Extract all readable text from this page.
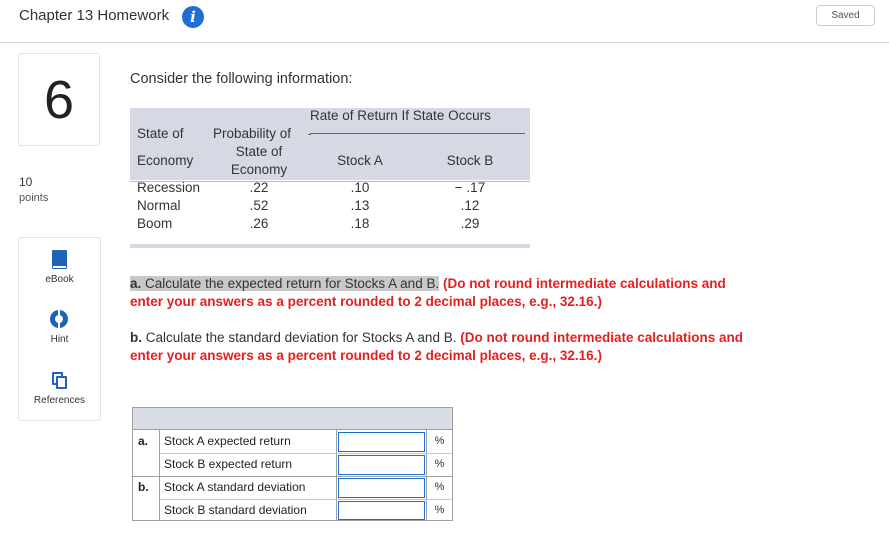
Chapter 13 Homework	i	Saved
6
10
points
eBook
Hint
References
Consider the following information:
Rate of Return If State Occurs
State of
Economy
Probability of
State of
Economy
Stock A	Stock B
Recession	.22	.10	− .17
Normal	.52	.13	.12
Boom	.26	.18	.29
a. Calculate the expected return for Stocks A and B. (Do not round intermediate calculations and enter your answers as a percent rounded to 2 decimal places, e.g., 32.16.)
b. Calculate the standard deviation for Stocks A and B. (Do not round intermediate calculations and enter your answers as a percent rounded to 2 decimal places, e.g., 32.16.)
a.	Stock A expected return	%
Stock B expected return	%
b.	Stock A standard deviation	%
Stock B standard deviation	%
